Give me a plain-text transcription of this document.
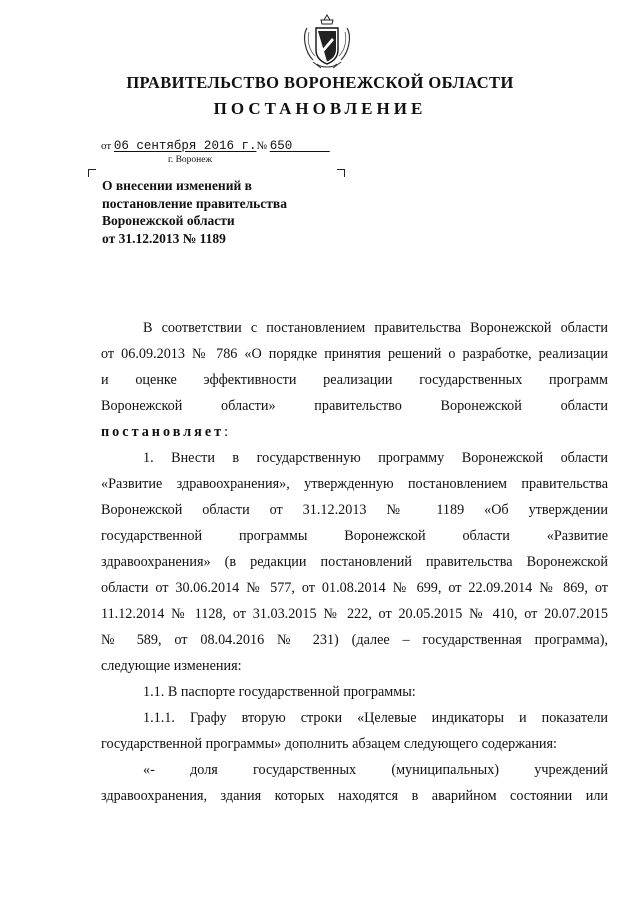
ПРАВИТЕЛЬСТВО ВОРОНЕЖСКОЙ ОБЛАСТИ
ПОСТАНОВЛЕНИЕ
от 06 сентября 2016 г.№ 650
г. Воронеж
О внесении изменений в
постановление правительства
Воронежской области
от 31.12.2013 № 1189

В соответствии с постановлением правительства Воронежской области

от 06.09.2013 № 786 «О порядке принятия решений о разработке, реализации

и оценке эффективности реализации государственных программ

Воронежской области» правительство Воронежской области

постановляет:

1. Внести в государственную программу Воронежской области

«Развитие здравоохранения», утвержденную постановлением правительства

Воронежской области от 31.12.2013 № 1189 «Об утверждении

государственной программы Воронежской области «Развитие

здравоохранения» (в редакции постановлений правительства Воронежской

области от 30.06.2014 № 577, от 01.08.2014 № 699, от 22.09.2014 № 869, от

11.12.2014 № 1128, от 31.03.2015 № 222, от 20.05.2015 № 410, от 20.07.2015

№ 589, от 08.04.2016 № 231) (далее – государственная программа),

следующие изменения:

1.1. В паспорте государственной программы:

1.1.1. Графу вторую строки «Целевые индикаторы и показатели

государственной программы» дополнить абзацем следующего содержания:

«- доля государственных (муниципальных) учреждений

здравоохранения, здания которых находятся в аварийном состоянии или
